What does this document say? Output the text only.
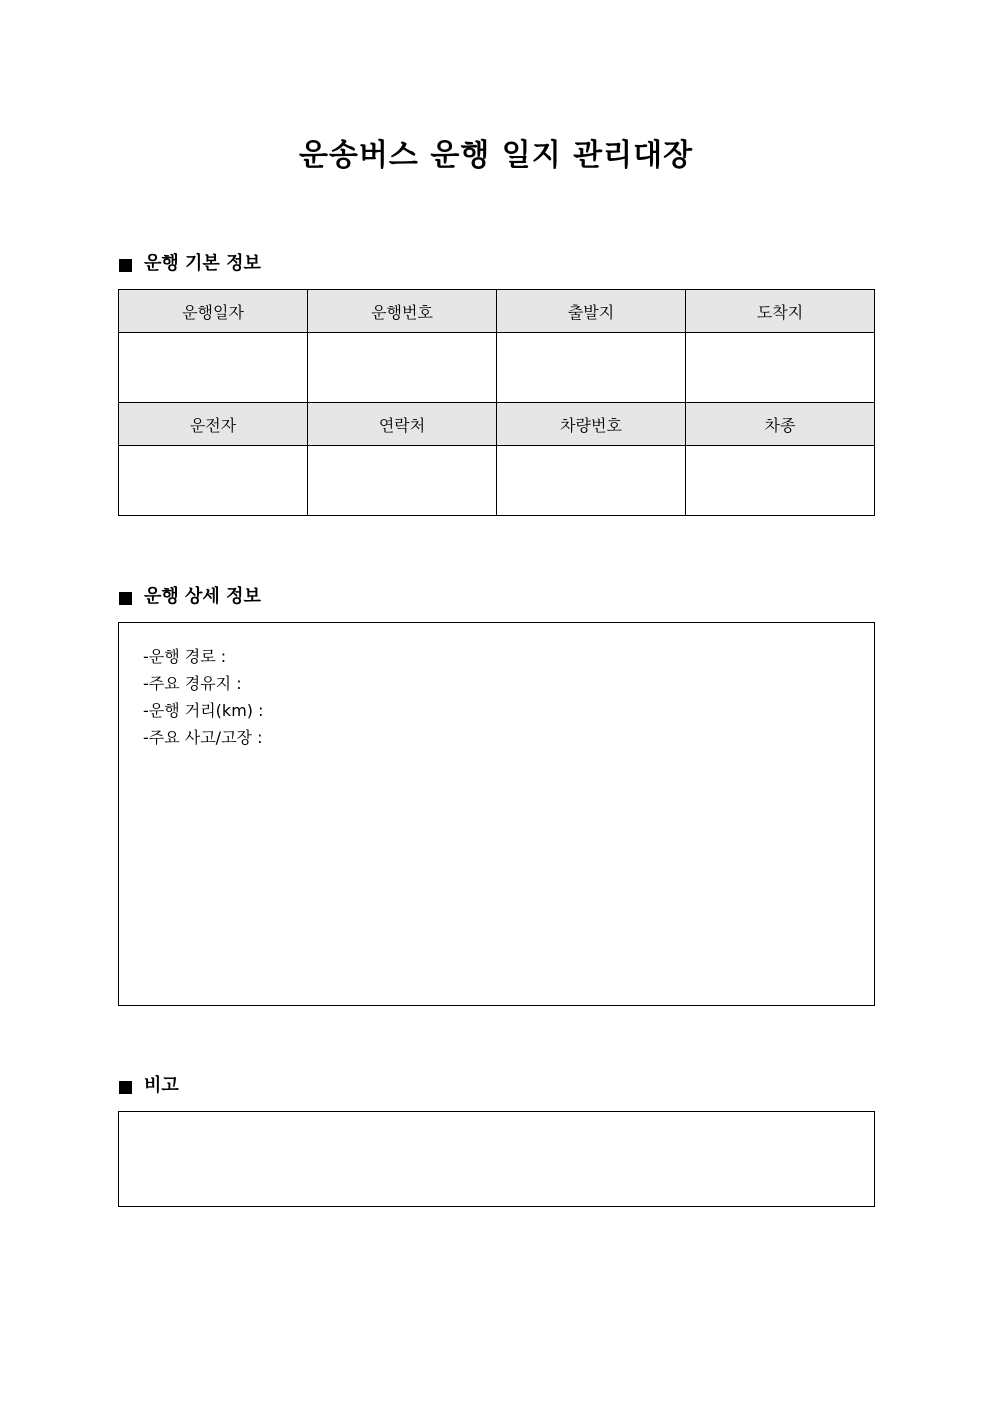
운송버스 운행 일지 관리대장
운행 기본 정보
운행일자	운행번호	출발지	도착지

운전자	연락처	차량번호	차종

운행 상세 정보
-운행 경로 :
-주요 경유지 :
-운행 거리(km) :
-주요 사고/고장 :
비고
